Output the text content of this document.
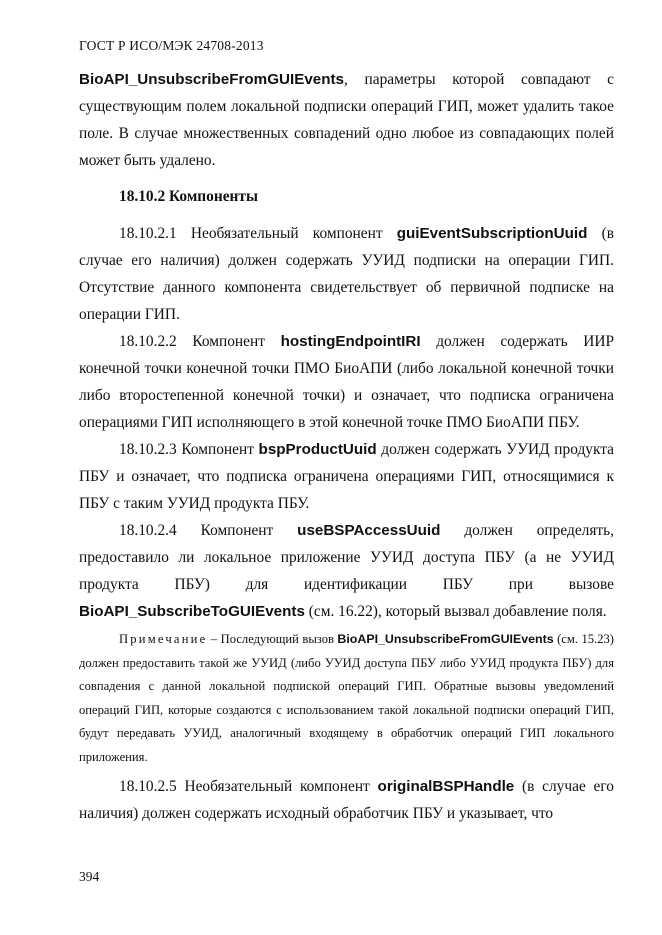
ГОСТ Р ИСО/МЭК 24708-2013

BioAPI_UnsubscribeFromGUIEvents, параметры которой совпадают с существующим полем локальной подписки операций ГИП, может удалить такое поле. В случае множественных совпадений одно любое из совпадающих полей может быть удалено.

18.10.2 Компоненты

18.10.2.1 Необязательный компонент guiEventSubscriptionUuid (в случае его наличия) должен содержать УУИД подписки на операции ГИП. Отсутствие данного компонента свидетельствует об первичной подписке на операции ГИП.

18.10.2.2 Компонент hostingEndpointIRI должен содержать ИИР конечной точки конечной точки ПМО БиоАПИ (либо локальной конечной точки либо второстепенной конечной точки) и означает, что подписка ограничена операциями ГИП исполняющего в этой конечной точке ПМО БиоАПИ ПБУ.

18.10.2.3 Компонент bspProductUuid должен содержать УУИД продукта ПБУ и означает, что подписка ограничена операциями ГИП, относящимися к ПБУ с таким УУИД продукта ПБУ.

18.10.2.4 Компонент useBSPAccessUuid должен определять, предоставило ли локальное приложение УУИД доступа ПБУ (а не УУИД продукта ПБУ) для идентификации ПБУ при вызове BioAPI_SubscribeToGUIEvents (см. 16.22), который вызвал добавление поля.

Примечание – Последующий вызов BioAPI_UnsubscribeFromGUIEvents (см. 15.23) должен предоставить такой же УУИД (либо УУИД доступа ПБУ либо УУИД продукта ПБУ) для совпадения с данной локальной подпиской операций ГИП. Обратные вызовы уведомлений операций ГИП, которые создаются с использованием такой локальной подписки операций ГИП, будут передавать УУИД, аналогичный входящему в обработчик операций ГИП локального приложения.

18.10.2.5 Необязательный компонент originalBSPHandle (в случае его наличия) должен содержать исходный обработчик ПБУ и указывает, что

394
